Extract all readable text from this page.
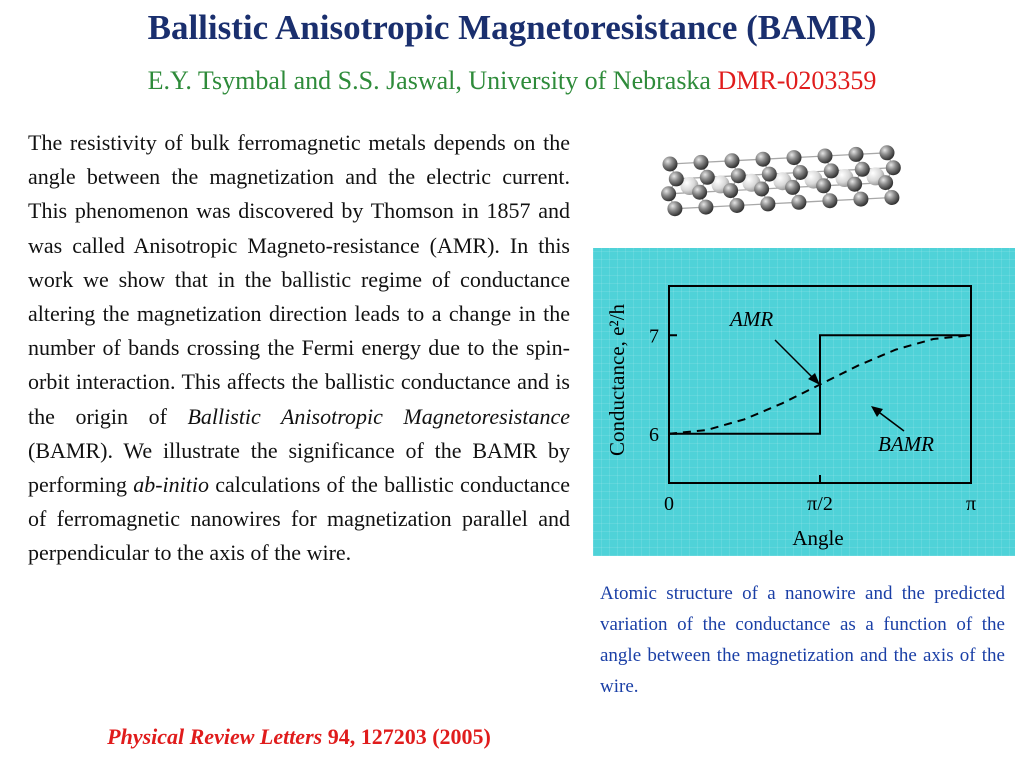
Ballistic Anisotropic Magnetoresistance (BAMR)
E.Y. Tsymbal and S.S. Jaswal, University of Nebraska DMR-0203359

The resistivity of bulk ferromagnetic metals depends on the angle between the magnetization and the electric current. This phenomenon was discovered by Thomson in 1857 and was called Anisotropic Magneto-resistance (AMR). In this work we show that in the ballistic regime of conductance altering the magnetization direction leads to a change in the number of bands crossing the Fermi energy due to the spin-orbit interaction. This affects the ballistic conductance and is the origin of Ballistic Anisotropic Magnetoresistance (BAMR). We illustrate the significance of the BAMR by performing ab-initio calculations of the ballistic conductance of ferromagnetic nanowires for magnetization parallel and perpendicular to the axis of the wire.

Physical Review Letters 94, 127203 (2005)
0	π/2	π
6
7
Conductance, e²/h
Angle
AMR
BAMR

Atomic structure of a nanowire and the predicted variation of the conductance as a function of the angle between the magnetization and the axis of the wire.
